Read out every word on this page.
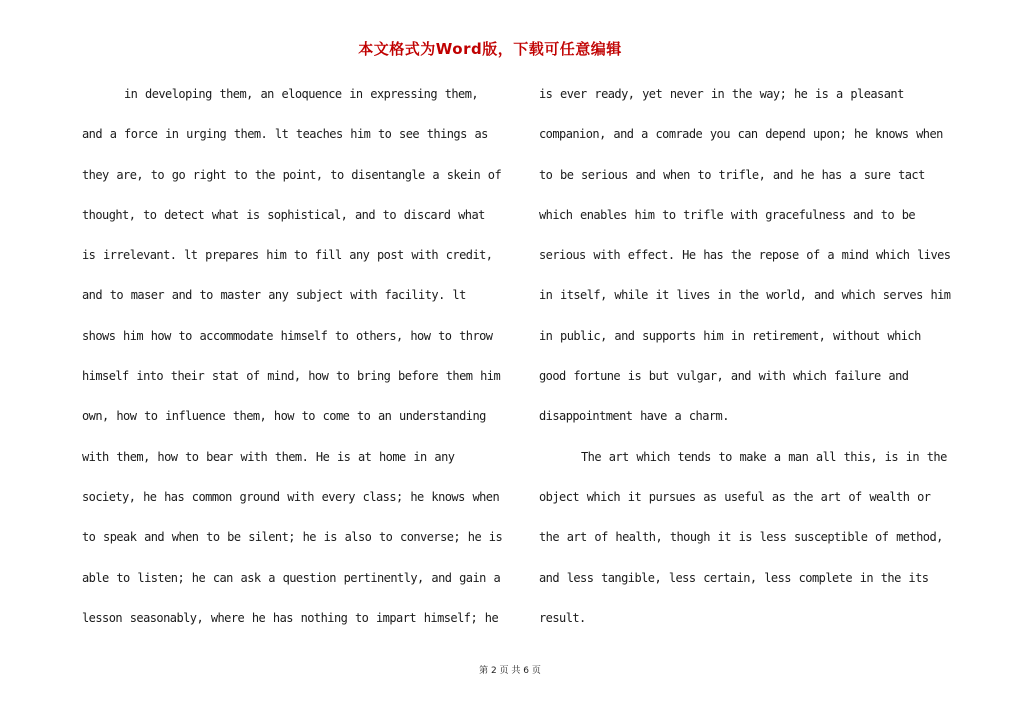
本文格式为Word版，下载可任意编辑
in developing them, an eloquence in expressing them,
and a force in urging them. lt teaches him to see things as
they are, to go right to the point, to disentangle a skein of
thought, to detect what is sophistical, and to discard what
is irrelevant. lt prepares him to fill any post with credit,
and to maser and to master any subject with facility. lt
shows him how to accommodate himself to others, how to throw
himself into their stat of mind, how to bring before them him
own, how to influence them, how to come to an understanding
with them, how to bear with them. He is at home in any
society, he has common ground with every class; he knows when
to speak and when to be silent; he is also to converse; he is
able to listen; he can ask a question pertinently, and gain a
lesson seasonably, where he has nothing to impart himself; he
is ever ready, yet never in the way; he is a pleasant
companion, and a comrade you can depend upon; he knows when
to be serious and when to trifle, and he has a sure tact
which enables him to trifle with gracefulness and to be
serious with effect. He has the repose of a mind which lives
in itself, while it lives in the world, and which serves him
in public, and supports him in retirement, without which
good fortune is but vulgar, and with which failure and
disappointment have a charm.
The art which tends to make a man all this, is in the
object which it pursues as useful as the art of wealth or
the art of health, though it is less susceptible of method,
and less tangible, less certain, less complete in the its
result.
第 2 页 共 6 页
